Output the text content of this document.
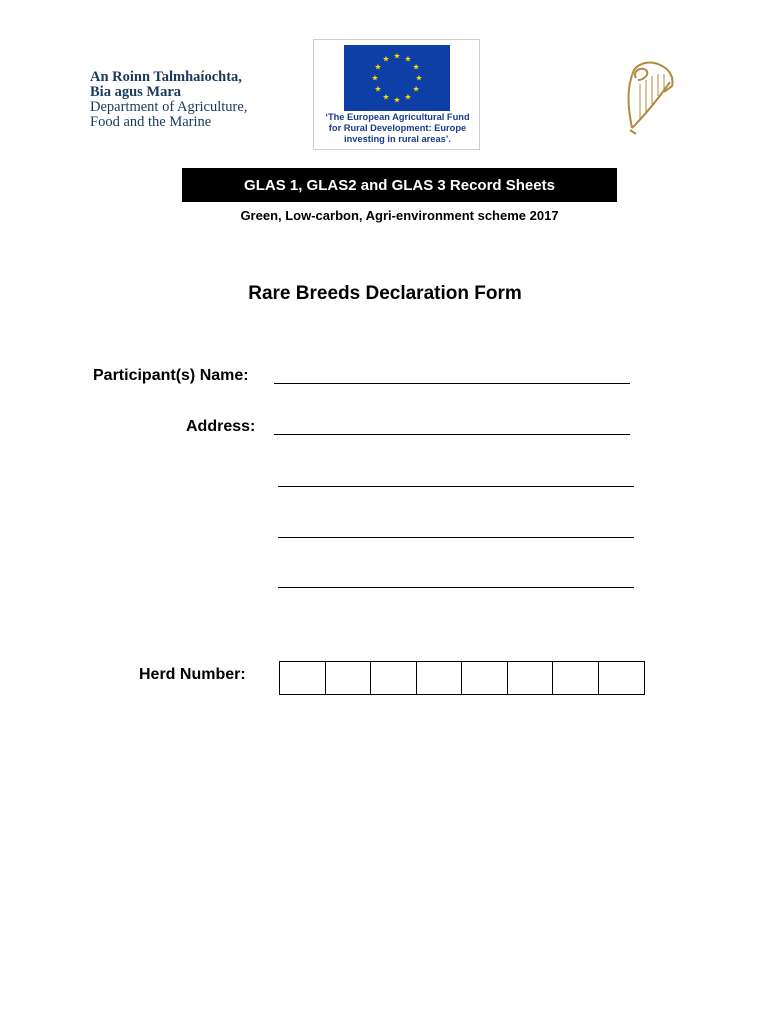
An Roinn Talmhaíochta,
Bia agus Mara
Department of Agriculture,
Food and the Marine
★ ★
★
★
★
★
★
★
★
★
★
★
‘The European Agricultural Fund
for Rural Development: Europe
investing in rural areas’.
GLAS 1, GLAS2 and GLAS 3 Record Sheets
Green, Low-carbon, Agri-environment scheme 2017
Rare Breeds Declaration Form
Participant(s) Name:
Address:
Herd Number:
